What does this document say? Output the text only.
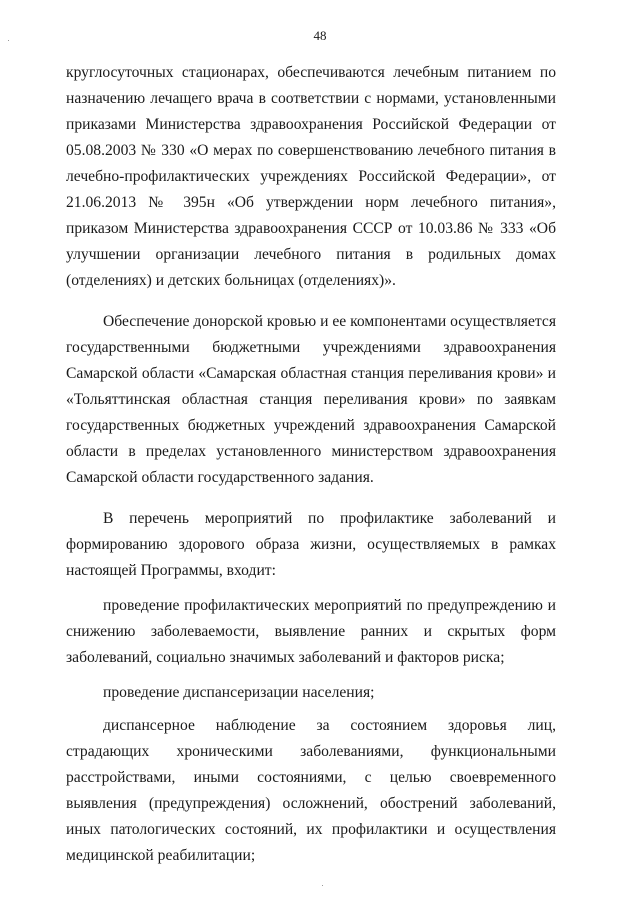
48

круглосуточных стационарах, обеспечиваются лечебным питанием по назначению лечащего врача в соответствии с нормами, установленными приказами Министерства здравоохранения Российской Федерации от 05.08.2003 № 330 «О мерах по совершенствованию лечебного питания в лечебно-профилактических учреждениях Российской Федерации», от 21.06.2013 № 395н «Об утверждении норм лечебного питания», приказом Министерства здравоохранения СССР от 10.03.86 № 333 «Об улучшении организации лечебного питания в родильных домах (отделениях) и детских больницах (отделениях)».

Обеспечение донорской кровью и ее компонентами осуществляется государственными бюджетными учреждениями здравоохранения Самарской области «Самарская областная станция переливания крови» и «Тольяттинская областная станция переливания крови» по заявкам государственных бюджетных учреждений здравоохранения Самарской области в пределах установленного министерством здравоохранения Самарской области государственного задания.

В перечень мероприятий по профилактике заболеваний и формированию здорового образа жизни, осуществляемых в рамках настоящей Программы, входит:

проведение профилактических мероприятий по предупреждению и снижению заболеваемости, выявление ранних и скрытых форм заболеваний, социально значимых заболеваний и факторов риска;

проведение диспансеризации населения;

диспансерное наблюдение за состоянием здоровья лиц, страдающих хроническими заболеваниями, функциональными расстройствами, иными состояниями, с целью своевременного выявления (предупреждения) осложнений, обострений заболеваний, иных патологических состояний, их профилактики и осуществления медицинской реабилитации;
